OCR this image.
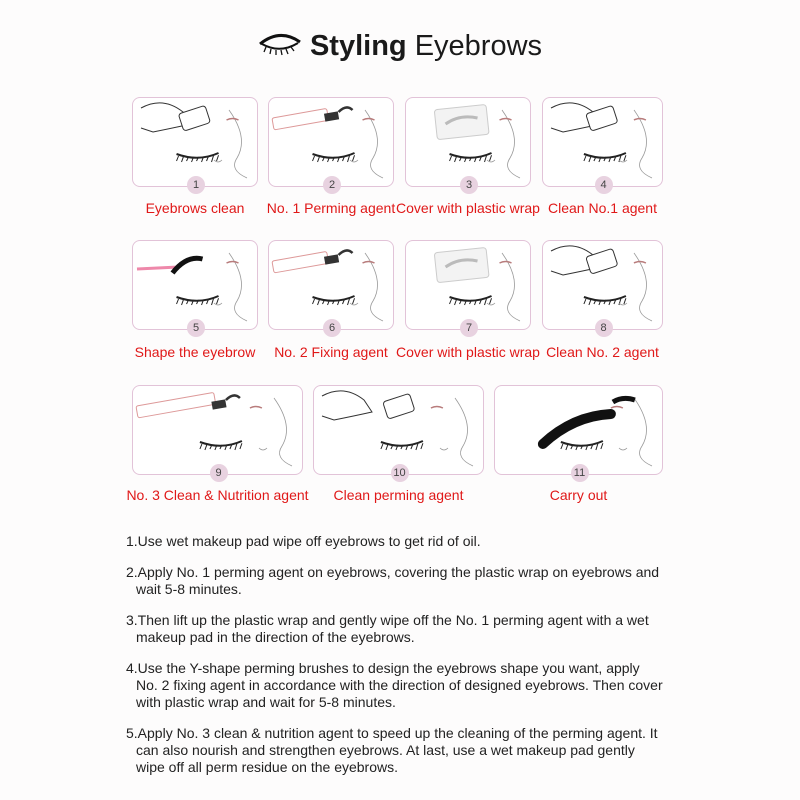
Styling Eyebrows
1
Eyebrows clean
2
No. 1 Perming agent
3
Cover with plastic wrap
4
Clean No.1 agent
5
Shape the eyebrow
6
No. 2 Fixing agent
7
Cover with plastic wrap
8
Clean No. 2 agent
9
No. 3 Clean & Nutrition agent
10
Clean perming agent
11
Carry out
1.Use wet makeup pad wipe off eyebrows to get rid of oil.
2.Apply No. 1 perming agent on eyebrows, covering the plastic wrap on eyebrows and
wait 5-8 minutes.
3.Then lift up the plastic wrap and gently wipe off the No. 1 perming agent with a wet
makeup pad in the direction of the eyebrows.
4.Use the Y-shape perming brushes to design the eyebrows shape you want, apply
No. 2 fixing agent in accordance with the direction of designed eyebrows. Then cover
with plastic wrap and wait for 5-8 minutes.
5.Apply No. 3 clean & nutrition agent to speed up the cleaning of the perming agent. It
can also nourish and strengthen eyebrows. At last, use a wet makeup pad gently
wipe off all perm residue on the eyebrows.
